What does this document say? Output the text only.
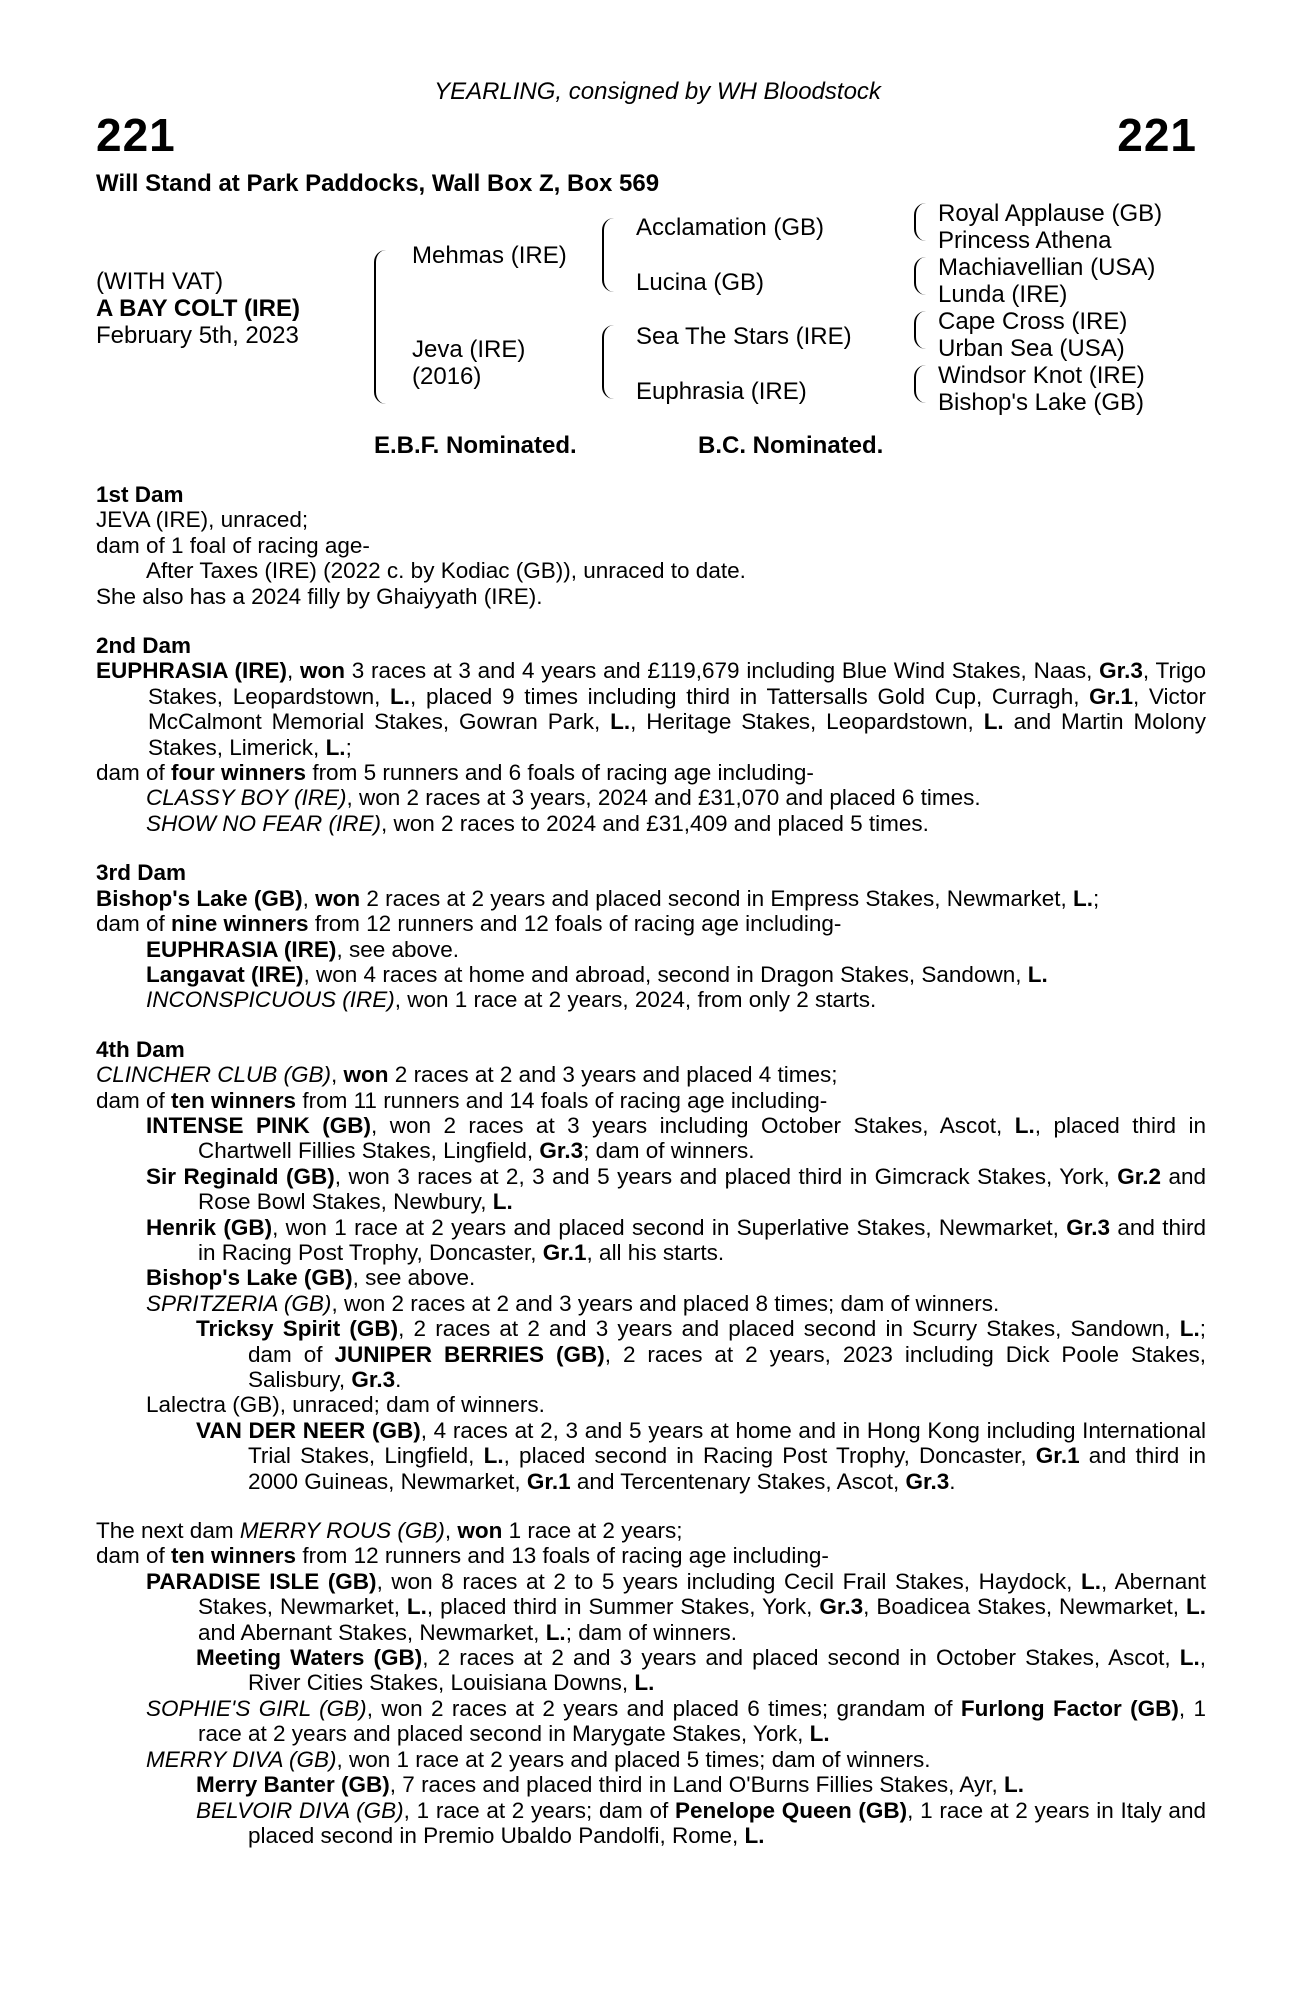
YEARLING, consigned by WH Bloodstock
221	221
Will Stand at Park Paddocks, Wall Box Z, Box 569
(WITH VAT)
A BAY COLT (IRE)
February 5th, 2023
Mehmas (IRE)
Jeva (IRE)
(2016)
Acclamation (GB)
Lucina (GB)
Sea The Stars (IRE)
Euphrasia (IRE)
Royal Applause (GB)
Princess Athena
Machiavellian (USA)
Lunda (IRE)
Cape Cross (IRE)
Urban Sea (USA)
Windsor Knot (IRE)
Bishop's Lake (GB)
E.B.F. Nominated.	B.C. Nominated.

1st Dam

JEVA (IRE), unraced;

dam of 1 foal of racing age-

After Taxes (IRE) (2022 c. by Kodiac (GB)), unraced to date.

She also has a 2024 filly by Ghaiyyath (IRE).

2nd Dam

EUPHRASIA (IRE), won 3 races at 3 and 4 years and £119,679 including Blue Wind Stakes, Naas, Gr.3, Trigo Stakes, Leopardstown, L., placed 9 times including third in Tattersalls Gold Cup, Curragh, Gr.1, Victor McCalmont Memorial Stakes, Gowran Park, L., Heritage Stakes, Leopardstown, L. and Martin Molony Stakes, Limerick, L.;

dam of four winners from 5 runners and 6 foals of racing age including-

CLASSY BOY (IRE), won 2 races at 3 years, 2024 and £31,070 and placed 6 times.

SHOW NO FEAR (IRE), won 2 races to 2024 and £31,409 and placed 5 times.

3rd Dam

Bishop's Lake (GB), won 2 races at 2 years and placed second in Empress Stakes, Newmarket, L.;

dam of nine winners from 12 runners and 12 foals of racing age including-

EUPHRASIA (IRE), see above.

Langavat (IRE), won 4 races at home and abroad, second in Dragon Stakes, Sandown, L.

INCONSPICUOUS (IRE), won 1 race at 2 years, 2024, from only 2 starts.

4th Dam

CLINCHER CLUB (GB), won 2 races at 2 and 3 years and placed 4 times;

dam of ten winners from 11 runners and 14 foals of racing age including-

INTENSE PINK (GB), won 2 races at 3 years including October Stakes, Ascot, L., placed third in Chartwell Fillies Stakes, Lingfield, Gr.3; dam of winners.

Sir Reginald (GB), won 3 races at 2, 3 and 5 years and placed third in Gimcrack Stakes, York, Gr.2 and Rose Bowl Stakes, Newbury, L.

Henrik (GB), won 1 race at 2 years and placed second in Superlative Stakes, Newmarket, Gr.3 and third in Racing Post Trophy, Doncaster, Gr.1, all his starts.

Bishop's Lake (GB), see above.

SPRITZERIA (GB), won 2 races at 2 and 3 years and placed 8 times; dam of winners.

Tricksy Spirit (GB), 2 races at 2 and 3 years and placed second in Scurry Stakes, Sandown, L.; dam of JUNIPER BERRIES (GB), 2 races at 2 years, 2023 including Dick Poole Stakes, Salisbury, Gr.3.

Lalectra (GB), unraced; dam of winners.

VAN DER NEER (GB), 4 races at 2, 3 and 5 years at home and in Hong Kong including International Trial Stakes, Lingfield, L., placed second in Racing Post Trophy, Doncaster, Gr.1 and third in 2000 Guineas, Newmarket, Gr.1 and Tercentenary Stakes, Ascot, Gr.3.

The next dam MERRY ROUS (GB), won 1 race at 2 years;

dam of ten winners from 12 runners and 13 foals of racing age including-

PARADISE ISLE (GB), won 8 races at 2 to 5 years including Cecil Frail Stakes, Haydock, L., Abernant Stakes, Newmarket, L., placed third in Summer Stakes, York, Gr.3, Boadicea Stakes, Newmarket, L. and Abernant Stakes, Newmarket, L.; dam of winners.

Meeting Waters (GB), 2 races at 2 and 3 years and placed second in October Stakes, Ascot, L., River Cities Stakes, Louisiana Downs, L.

SOPHIE'S GIRL (GB), won 2 races at 2 years and placed 6 times; grandam of Furlong Factor (GB), 1 race at 2 years and placed second in Marygate Stakes, York, L.

MERRY DIVA (GB), won 1 race at 2 years and placed 5 times; dam of winners.

Merry Banter (GB), 7 races and placed third in Land O'Burns Fillies Stakes, Ayr, L.

BELVOIR DIVA (GB), 1 race at 2 years; dam of Penelope Queen (GB), 1 race at 2 years in Italy and placed second in Premio Ubaldo Pandolfi, Rome, L.
